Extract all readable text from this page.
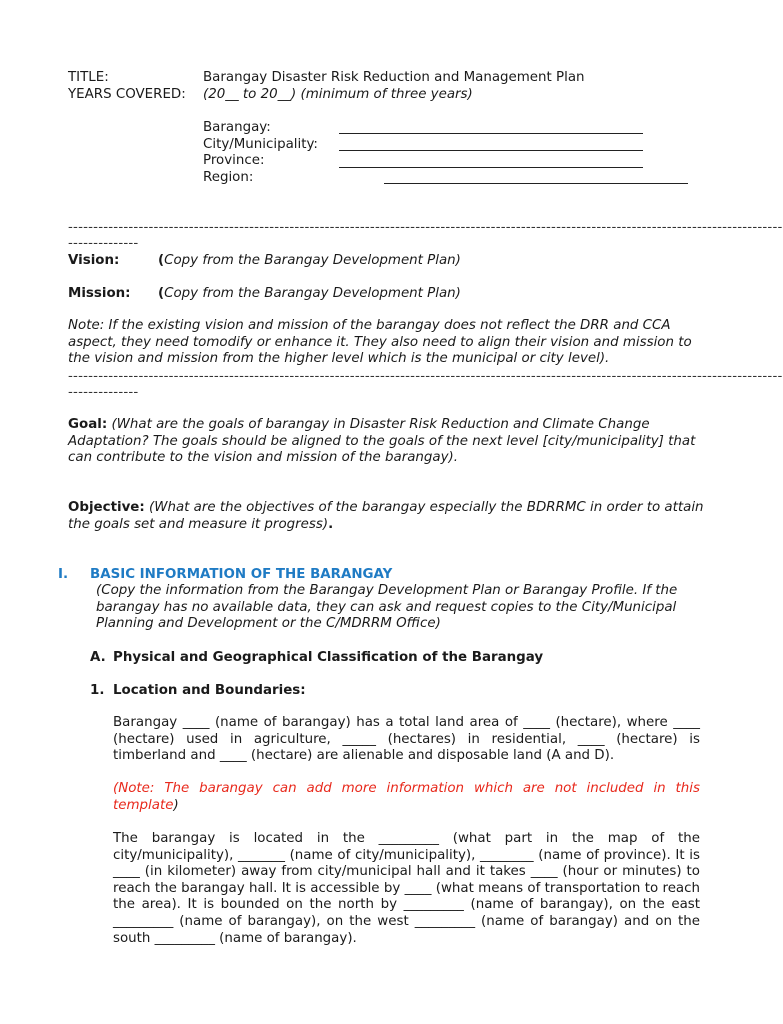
TITLE:	Barangay Disaster Risk Reduction and Management Plan
YEARS COVERED: (20__ to 20__) (minimum of three years)
Barangay:
City/Municipality:
Province:
Region:
----------------------------------------------------------------------------------------------------------------------------------------------
--------------
Vision:	(Copy from the Barangay Development Plan)
Mission: (Copy from the Barangay Development Plan)
Note: If the existing vision and mission of the barangay does not reflect the DRR and CCA aspect, they need tomodify or enhance it. They also need to align their vision and mission to the vision and mission from the higher level which is the municipal or city level).
----------------------------------------------------------------------------------------------------------------------------------------------
--------------
Goal: (What are the goals of barangay in Disaster Risk Reduction and Climate Change Adaptation? The goals should be aligned to the goals of the next level [city/municipality] that can contribute to the vision and mission of the barangay).
Objective: (What are the objectives of the barangay especially the BDRRMC in order to attain the goals set and measure it progress).
I. BASIC INFORMATION OF THE BARANGAY
(Copy the information from the Barangay Development Plan or Barangay Profile. If the barangay has no available data, they can ask and request copies to the City/Municipal Planning and Development or the C/MDRRM Office)
A. Physical and Geographical Classification of the Barangay
1. Location and Boundaries:
Barangay ____ (name of barangay) has a total land area of ____ (hectare), where ____ (hectare) used in agriculture, _____ (hectares) in residential, ____ (hectare) is timberland and ____ (hectare) are alienable and disposable land (A and D).
(Note: The barangay can add more information which are not included in this template)
The barangay is located in the _________ (what part in the map of the city/municipality), _______ (name of city/municipality), ________ (name of province). It is ____ (in kilometer) away from city/municipal hall and it takes ____ (hour or minutes) to reach the barangay hall. It is accessible by ____ (what means of transportation to reach the area). It is bounded on the north by _________ (name of barangay), on the east _________ (name of barangay), on the west _________ (name of barangay) and on the south _________ (name of barangay).
